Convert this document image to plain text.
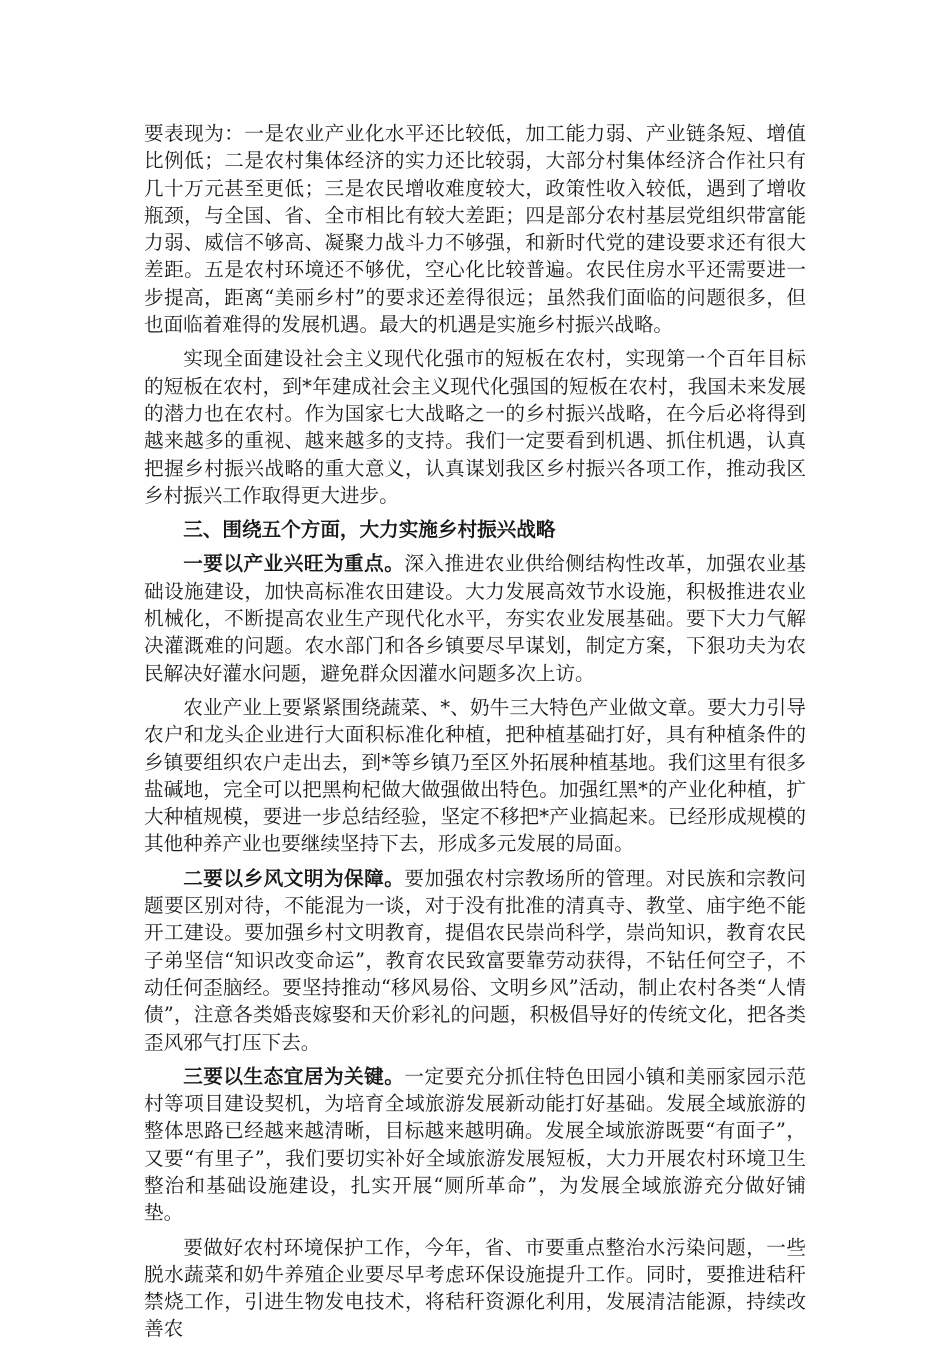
要表现为：一是农业产业化水平还比较低，加工能力弱、产业链条短、增值比例低；二是农村集体经济的实力还比较弱，大部分村集体经济合作社只有几十万元甚至更低；三是农民增收难度较大，政策性收入较低，遇到了增收瓶颈，与全国、省、全市相比有较大差距；四是部分农村基层党组织带富能力弱、威信不够高、凝聚力战斗力不够强，和新时代党的建设要求还有很大差距。五是农村环境还不够优，空心化比较普遍。农民住房水平还需要进一步提高，距离“美丽乡村”的要求还差得很远；虽然我们面临的问题很多，但也面临着难得的发展机遇。最大的机遇是实施乡村振兴战略。

实现全面建设社会主义现代化强市的短板在农村，实现第一个百年目标的短板在农村，到*年建成社会主义现代化强国的短板在农村，我国未来发展的潜力也在农村。作为国家七大战略之一的乡村振兴战略，在今后必将得到越来越多的重视、越来越多的支持。我们一定要看到机遇、抓住机遇，认真把握乡村振兴战略的重大意义，认真谋划我区乡村振兴各项工作，推动我区乡村振兴工作取得更大进步。

三、围绕五个方面，大力实施乡村振兴战略

一要以产业兴旺为重点。深入推进农业供给侧结构性改革，加强农业基础设施建设，加快高标准农田建设。大力发展高效节水设施，积极推进农业机械化，不断提高农业生产现代化水平，夯实农业发展基础。要下大力气解决灌溉难的问题。农水部门和各乡镇要尽早谋划，制定方案，下狠功夫为农民解决好灌水问题，避免群众因灌水问题多次上访。

农业产业上要紧紧围绕蔬菜、*、奶牛三大特色产业做文章。要大力引导农户和龙头企业进行大面积标准化种植，把种植基础打好，具有种植条件的乡镇要组织农户走出去，到*等乡镇乃至区外拓展种植基地。我们这里有很多盐碱地，完全可以把黑枸杞做大做强做出特色。加强红黑*的产业化种植，扩大种植规模，要进一步总结经验，坚定不移把*产业搞起来。已经形成规模的其他种养产业也要继续坚持下去，形成多元发展的局面。

二要以乡风文明为保障。要加强农村宗教场所的管理。对民族和宗教问题要区别对待，不能混为一谈，对于没有批准的清真寺、教堂、庙宇绝不能开工建设。要加强乡村文明教育，提倡农民崇尚科学，崇尚知识，教育农民子弟坚信“知识改变命运”，教育农民致富要靠劳动获得，不钻任何空子，不动任何歪脑经。要坚持推动“移风易俗、文明乡风”活动，制止农村各类“人情债”，注意各类婚丧嫁娶和天价彩礼的问题，积极倡导好的传统文化，把各类歪风邪气打压下去。

三要以生态宜居为关键。一定要充分抓住特色田园小镇和美丽家园示范村等项目建设契机，为培育全域旅游发展新动能打好基础。发展全域旅游的整体思路已经越来越清晰，目标越来越明确。发展全域旅游既要“有面子”，又要“有里子”，我们要切实补好全域旅游发展短板，大力开展农村环境卫生整治和基础设施建设，扎实开展“厕所革命”，为发展全域旅游充分做好铺垫。

要做好农村环境保护工作，今年，省、市要重点整治水污染问题，一些脱水蔬菜和奶牛养殖企业要尽早考虑环保设施提升工作。同时，要推进秸秆禁烧工作，引进生物发电技术，将秸秆资源化利用，发展清洁能源，持续改善农
